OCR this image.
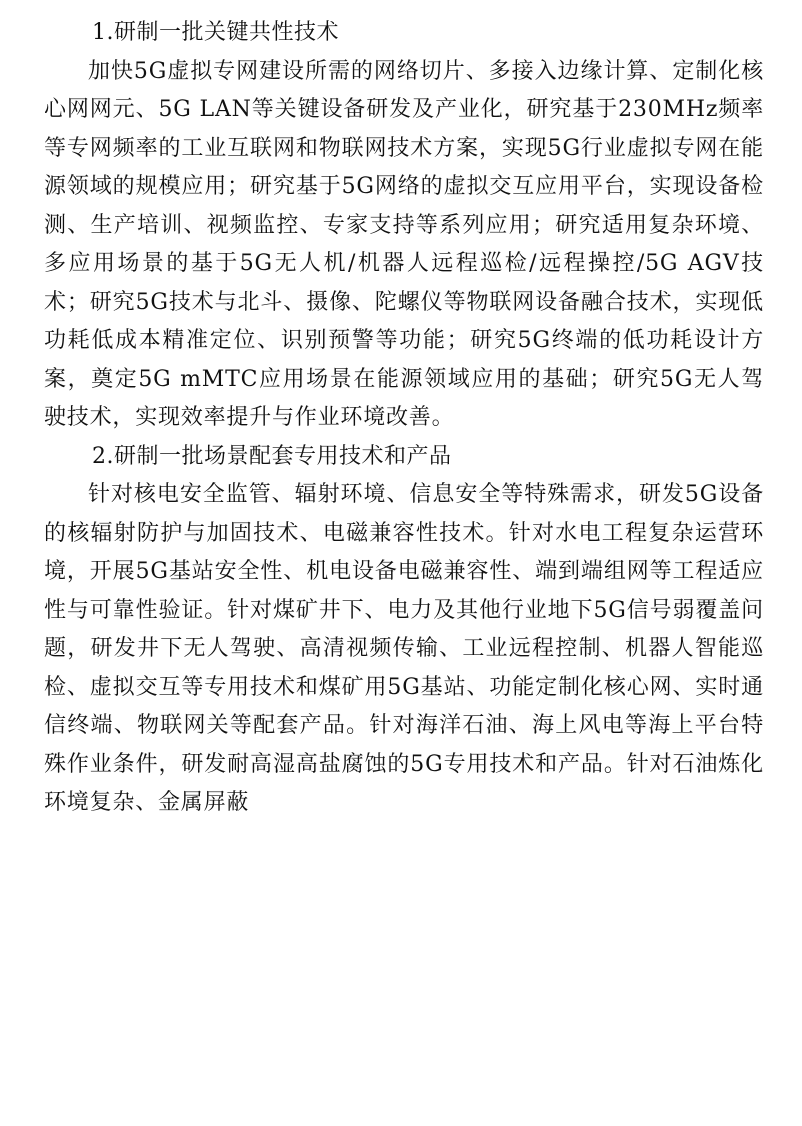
1.研制一批关键共性技术

加快5G虚拟专网建设所需的网络切片、多接入边缘计算、定制化核心网网元、5G LAN等关键设备研发及产业化，研究基于230MHz频率等专网频率的工业互联网和物联网技术方案，实现5G行业虚拟专网在能源领域的规模应用；研究基于5G网络的虚拟交互应用平台，实现设备检测、生产培训、视频监控、专家支持等系列应用；研究适用复杂环境、多应用场景的基于5G无人机/机器人远程巡检/远程操控/5G AGV技术；研究5G技术与北斗、摄像、陀螺仪等物联网设备融合技术，实现低功耗低成本精准定位、识别预警等功能；研究5G终端的低功耗设计方案，奠定5G mMTC应用场景在能源领域应用的基础；研究5G无人驾驶技术，实现效率提升与作业环境改善。

2.研制一批场景配套专用技术和产品

针对核电安全监管、辐射环境、信息安全等特殊需求，研发5G设备的核辐射防护与加固技术、电磁兼容性技术。针对水电工程复杂运营环境，开展5G基站安全性、机电设备电磁兼容性、端到端组网等工程适应性与可靠性验证。针对煤矿井下、电力及其他行业地下5G信号弱覆盖问题，研发井下无人驾驶、高清视频传输、工业远程控制、机器人智能巡检、虚拟交互等专用技术和煤矿用5G基站、功能定制化核心网、实时通信终端、物联网关等配套产品。针对海洋石油、海上风电等海上平台特殊作业条件，研发耐高湿高盐腐蚀的5G专用技术和产品。针对石油炼化环境复杂、金属屏蔽
